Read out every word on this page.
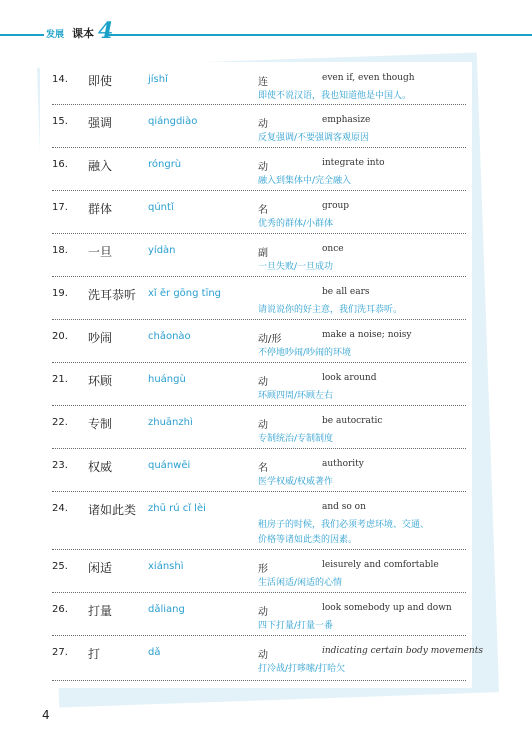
发展 课本 4
14. 即使	jíshǐ	连	even if, even though
即使不说汉语，我也知道他是中国人。
15. 强调	qiángdiào	动	emphasize
反复强调/不要强调客观原因
16. 融入	róngrù	动	integrate into
融入到集体中/完全融入
17. 群体	qúntǐ	名	group
优秀的群体/小群体
18. 一旦	yídàn	副	once
一旦失败/一旦成功
19. 洗耳恭听 xǐ ěr gōng tīng	be all ears
请说说你的好主意，我们洗耳恭听。
20. 吵闹	chǎonào	动/形	make a noise; noisy
不停地吵闹/吵闹的环境
21. 环顾	huángù	动	look around
环顾四周/环顾左右
22. 专制	zhuānzhì	动	be autocratic
专制统治/专制制度
23. 权威	quánwēi	名	authority
医学权威/权威著作
24. 诸如此类 zhū rú cǐ lèi	and so on
租房子的时候，我们必须考虑环境、交通、
价格等诸如此类的因素。
25. 闲适	xiánshì	形	leisurely and comfortable
生活闲适/闲适的心情
26. 打量	dǎliang	动	look somebody up and down
四下打量/打量一番
27. 打	dǎ	动	indicating certain body movements
打冷战/打哆嗦/打哈欠
4
